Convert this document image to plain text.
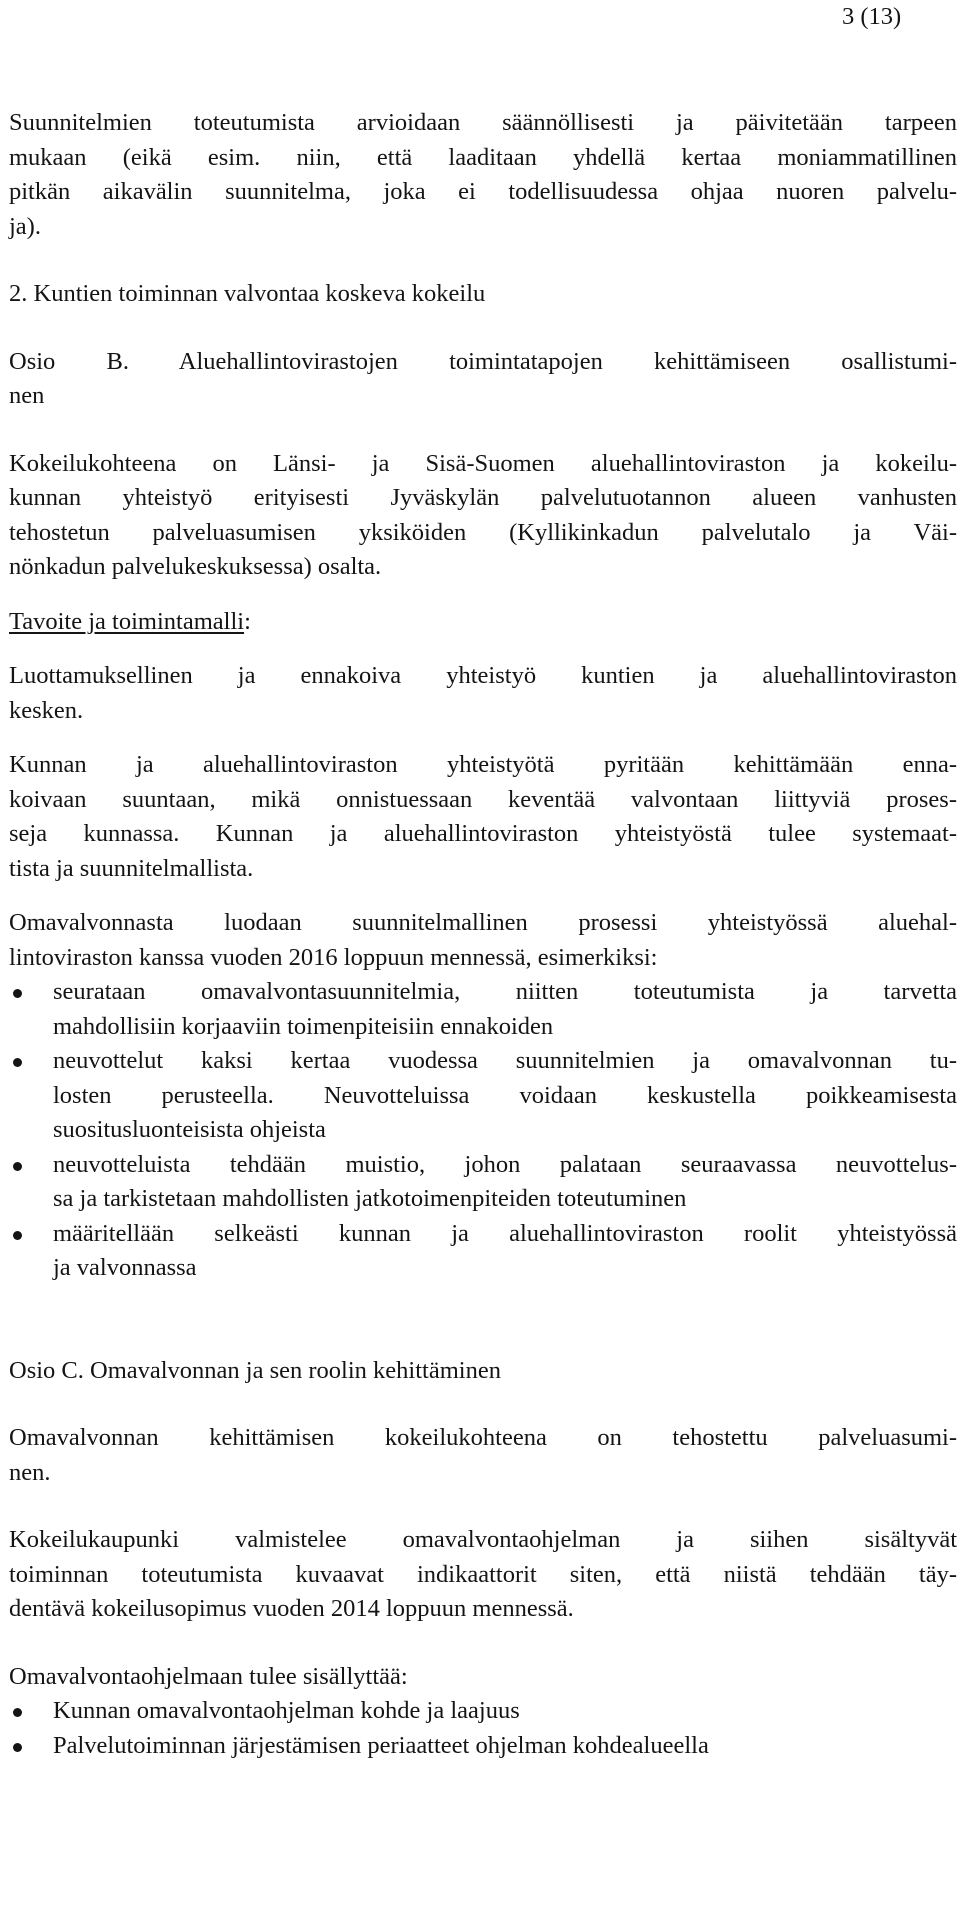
3 (13)
Suunnitelmien toteutumista arvioidaan säännöllisesti ja päivitetään tarpeen
mukaan (eikä esim. niin, että laaditaan yhdellä kertaa moniammatillinen
pitkän aikavälin suunnitelma, joka ei todellisuudessa ohjaa nuoren palvelu-
ja).
2. Kuntien toiminnan valvontaa koskeva kokeilu
Osio B. Aluehallintovirastojen toimintatapojen kehittämiseen osallistumi-
nen
Kokeilukohteena on Länsi- ja Sisä-Suomen aluehallintoviraston ja kokeilu-
kunnan yhteistyö erityisesti Jyväskylän palvelutuotannon alueen vanhusten
tehostetun palveluasumisen yksiköiden (Kyllikinkadun palvelutalo ja Väi-
nönkadun palvelukeskuksessa) osalta.
Tavoite ja toimintamalli:
Luottamuksellinen ja ennakoiva yhteistyö kuntien ja aluehallintoviraston
kesken.
Kunnan ja aluehallintoviraston yhteistyötä pyritään kehittämään enna-
koivaan suuntaan, mikä onnistuessaan keventää valvontaan liittyviä proses-
seja kunnassa. Kunnan ja aluehallintoviraston yhteistyöstä tulee systemaat-
tista ja suunnitelmallista.
Omavalvonnasta luodaan suunnitelmallinen prosessi yhteistyössä aluehal-
lintoviraston kanssa vuoden 2016 loppuun mennessä, esimerkiksi:
seurataan omavalvontasuunnitelmia, niitten toteutumista ja tarvetta
mahdollisiin korjaaviin toimenpiteisiin ennakoiden
neuvottelut kaksi kertaa vuodessa suunnitelmien ja omavalvonnan tu-
losten perusteella. Neuvotteluissa voidaan keskustella poikkeamisesta
suositusluonteisista ohjeista
neuvotteluista tehdään muistio, johon palataan seuraavassa neuvottelus-
sa ja tarkistetaan mahdollisten jatkotoimenpiteiden toteutuminen
määritellään selkeästi kunnan ja aluehallintoviraston roolit yhteistyössä
ja valvonnassa
Osio C. Omavalvonnan ja sen roolin kehittäminen
Omavalvonnan kehittämisen kokeilukohteena on tehostettu palveluasumi-
nen.
Kokeilukaupunki valmistelee omavalvontaohjelman ja siihen sisältyvät
toiminnan toteutumista kuvaavat indikaattorit siten, että niistä tehdään täy-
dentävä kokeilusopimus vuoden 2014 loppuun mennessä.
Omavalvontaohjelmaan tulee sisällyttää:
Kunnan omavalvontaohjelman kohde ja laajuus
Palvelutoiminnan järjestämisen periaatteet ohjelman kohdealueella
